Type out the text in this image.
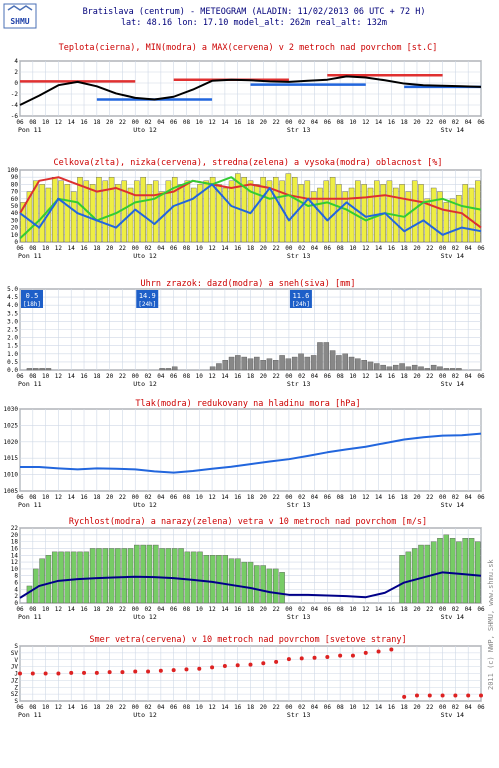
SHMU
Bratislava (centrum) - METEOGRAM (ALADIN: 11/02/2013 06 UTC + 72 H)
lat: 48.16 lon: 17.10 model_alt: 262m real_alt: 132m
Teplota(cierna), MIN(modra) a MAX(cervena) v 2 metroch nad povrchom [st.C]
-6
-4
-2
0
2
4
06 08 10 12 14 16 18 20 22 00 02 04 06 08 10 12 14 16 18 20 22 00 02 04 06 08 10 12 14 16 18 20 22 00 02 04 06
Pon 11	Uto 12	Str 13	Stv 14
Celkova(zlta), nizka(cervena), stredna(zelena) a vysoka(modra) oblacnost [%]
0
10
20
30
40
50
60
70
80
90
100
06 08 10 12 14 16 18 20 22 00 02 04 06 08 10 12 14 16 18 20 22 00 02 04 06 08 10 12 14 16 18 20 22 00 02 04 06
Pon 11	Uto 12	Str 13	Stv 14
Uhrn zrazok: dazd(modra) a sneh(siva) [mm]
0.0
0.5
1.0
1.5
2.0
2.5
3.0
3.5
4.0
4.5
5.0
0.5
[18h]
14.9
[24h]
11.6
[24h]
06 08 10 12 14 16 18 20 22 00 02 04 06 08 10 12 14 16 18 20 22 00 02 04 06 08 10 12 14 16 18 20 22 00 02 04 06
Pon 11	Uto 12	Str 13	Stv 14
Tlak(modra) redukovany na hladinu mora [hPa]
1005
1010
1015
1020
1025
1030
06 08 10 12 14 16 18 20 22 00 02 04 06 08 10 12 14 16 18 20 22 00 02 04 06 08 10 12 14 16 18 20 22 00 02 04 06
Pon 11	Uto 12	Str 13	Stv 14
Rychlost(modra) a narazy(zelena) vetra v 10 metroch nad povrchom [m/s]
0
2
4
6
8
10
12
14
16
18
20
22
06 08 10 12 14 16 18 20 22 00 02 04 06 08 10 12 14 16 18 20 22 00 02 04 06 08 10 12 14 16 18 20 22 00 02 04 06
Pon 11	Uto 12	Str 13	Stv 14
Smer vetra(cervena) v 10 metroch nad povrchom [svetove strany]
S
SZ
Z
JZ
J
JV
V
SV
S
06 08 10 12 14 16 18 20 22 00 02 04 06 08 10 12 14 16 18 20 22 00 02 04 06 08 10 12 14 16 18 20 22 00 02 04 06
Pon 11	Uto 12	Str 13	Stv 14
2011 (c) NWP, SHMU, www.shmu.sk
